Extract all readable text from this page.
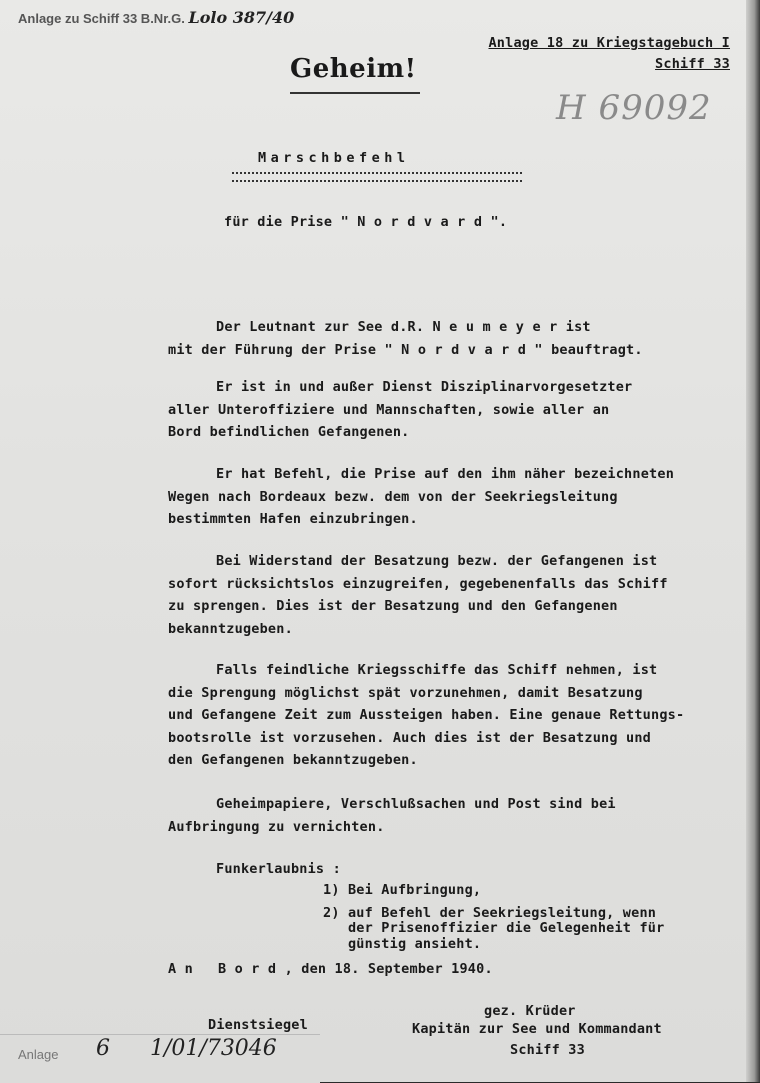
Anlage zu Schiff 33 B.Nr.G. Lolo 387/40
Anlage 18 zu Kriegstagebuch I
Schiff 33
Geheim!
H 69092
Marschbefehl
für die Prise " N o r d v a r d ".
Der Leutnant zur See d.R. N e u m e y e r ist
mit der Führung der Prise " N o r d v a r d " beauftragt.
Er ist in und außer Dienst Disziplinarvorgesetzter
aller Unteroffiziere und Mannschaften, sowie aller an
Bord befindlichen Gefangenen.
Er hat Befehl, die Prise auf den ihm näher bezeichneten
Wegen nach Bordeaux bezw. dem von der Seekriegsleitung
bestimmten Hafen einzubringen.
Bei Widerstand der Besatzung bezw. der Gefangenen ist
sofort rücksichtslos einzugreifen, gegebenenfalls das Schiff
zu sprengen. Dies ist der Besatzung und den Gefangenen
bekanntzugeben.
Falls feindliche Kriegsschiffe das Schiff nehmen, ist
die Sprengung möglichst spät vorzunehmen, damit Besatzung
und Gefangene Zeit zum Aussteigen haben. Eine genaue Rettungs-
bootsrolle ist vorzusehen. Auch dies ist der Besatzung und
den Gefangenen bekanntzugeben.
Geheimpapiere, Verschlußsachen und Post sind bei
Aufbringung zu vernichten.
Funkerlaubnis :
1) Bei Aufbringung,
2) auf Befehl der Seekriegsleitung, wenn
der Prisenoffizier die Gelegenheit für
günstig ansieht.
A n   B o r d , den 18. September 1940.
gez. Krüder
Dienstsiegel	Kapitän zur See und Kommandant
Schiff 33
Anlage 6 1/01/73046
